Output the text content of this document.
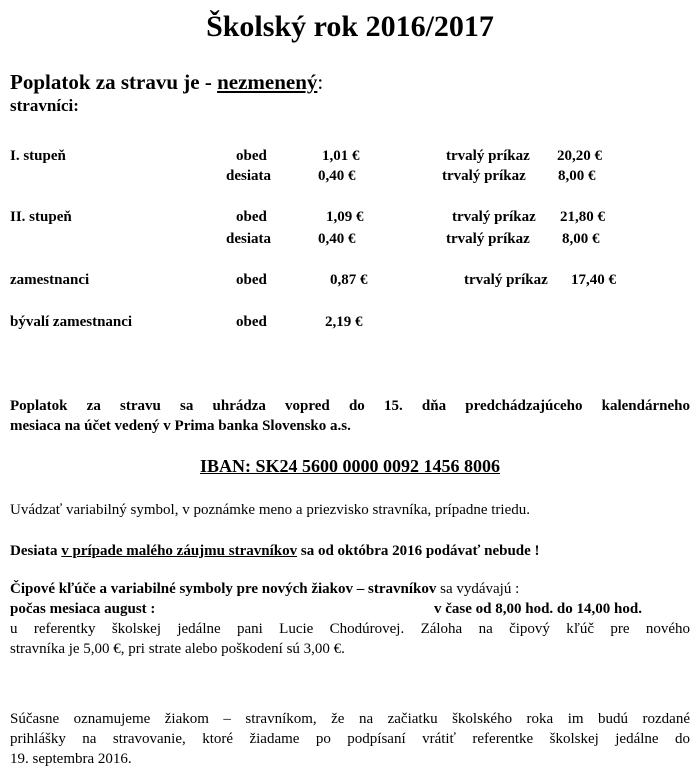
Školský rok 2016/2017
Poplatok za stravu je - nezmenený:
stravníci:
I. stupeň	obed	1,01 €	trvalý príkaz 20,20 €
desiata	0,40 €	trvalý príkaz 8,00 €
II. stupeň	obed	1,09 €	trvalý príkaz 21,80 €
desiata	0,40 €	trvalý príkaz 8,00 €
zamestnanci	obed	0,87 €	trvalý príkaz 17,40 €
bývalí zamestnanci	obed	2,19 €
Poplatok za stravu sa uhrádza vopred do 15. dňa predchádzajúceho kalendárneho
mesiaca na účet vedený v Prima banka Slovensko a.s.
IBAN: SK24 5600 0000 0092 1456 8006
Uvádzať variabilný symbol, v poznámke meno a priezvisko stravníka, prípadne triedu.
Desiata v prípade malého záujmu stravníkov sa od októbra 2016 podávať nebude !
Čipové kľúče a variabilné symboly pre nových žiakov – stravníkov sa vydávajú :
počas mesiaca august :	v čase od 8,00 hod. do 14,00 hod.
u referentky školskej jedálne pani Lucie Chodúrovej. Záloha na čipový kľúč pre nového
stravníka je 5,00 €, pri strate alebo poškodení sú 3,00 €.
Súčasne oznamujeme žiakom – stravníkom, že na začiatku školského roka im budú rozdané
prihlášky na stravovanie, ktoré žiadame po podpísaní vrátiť referentke školskej jedálne do
19. septembra 2016.
